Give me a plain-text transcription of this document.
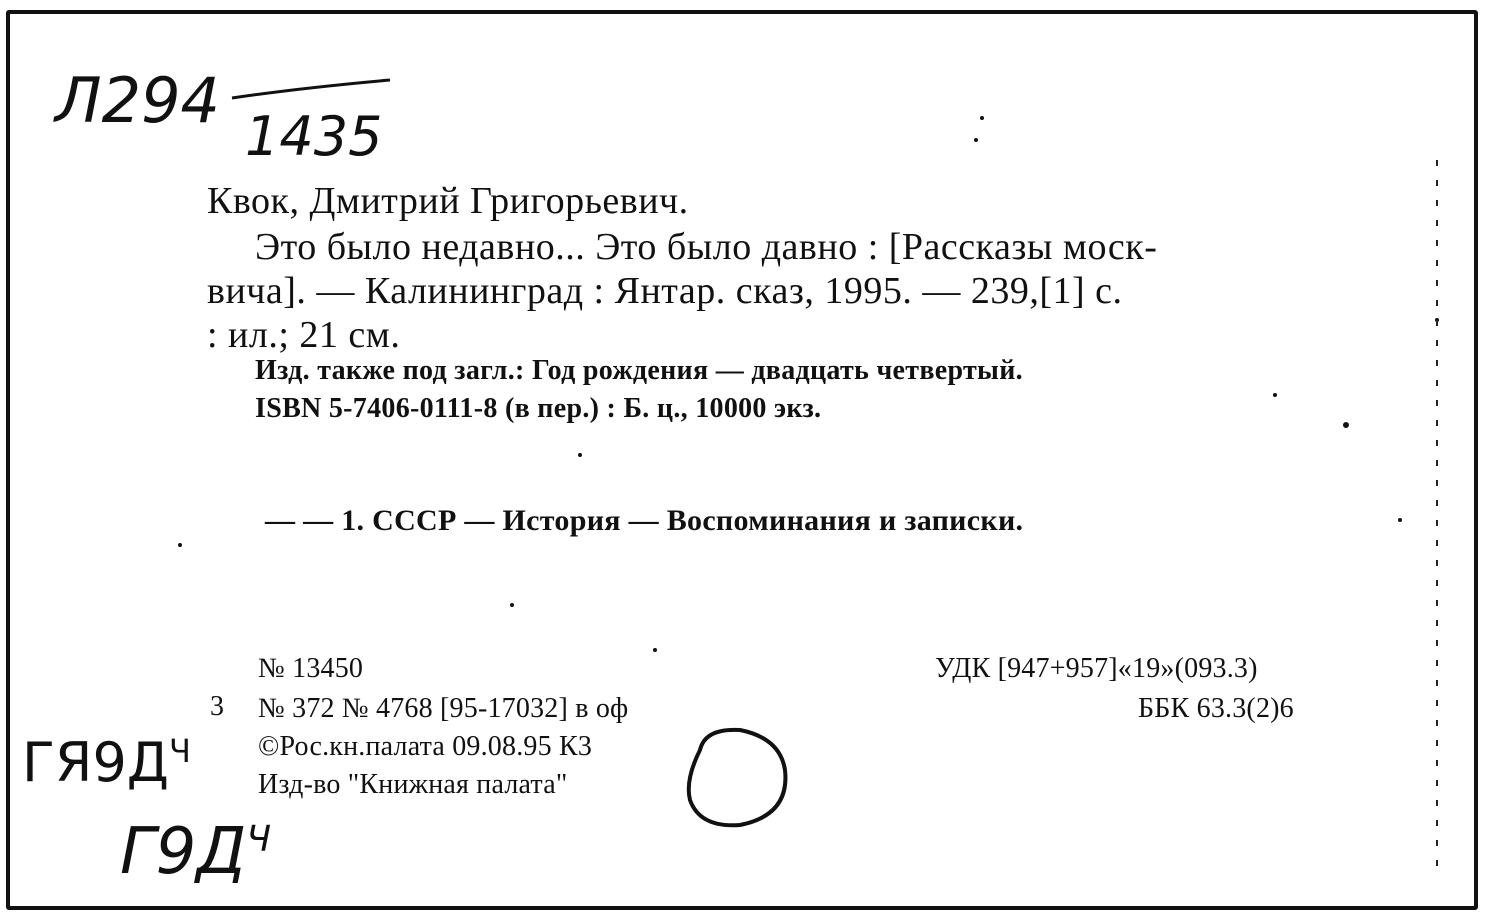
Л294 1435
Квок, Дмитрий Григорьевич.
Это было недавно... Это было давно : [Рассказы моск-
вича]. — Калининград : Янтар. сказ, 1995. — 239,[1] с.
: ил.; 21 см.
Изд. также под загл.: Год рождения — двадцать четвертый.
ISBN 5-7406-0111-8 (в пер.) : Б. ц., 10000 экз.
— — 1. СССР — История — Воспоминания и записки.
№ 13450
3 № 372 № 4768 [95-17032] в оф
©Рос.кн.палата 09.08.95 К3
Изд-во "Книжная палата"
УДК [947+957]«19»(093.3)
ББК 63.3(2)6
$ГЯ9Д^Ч$
$Г9Д^Ч$
